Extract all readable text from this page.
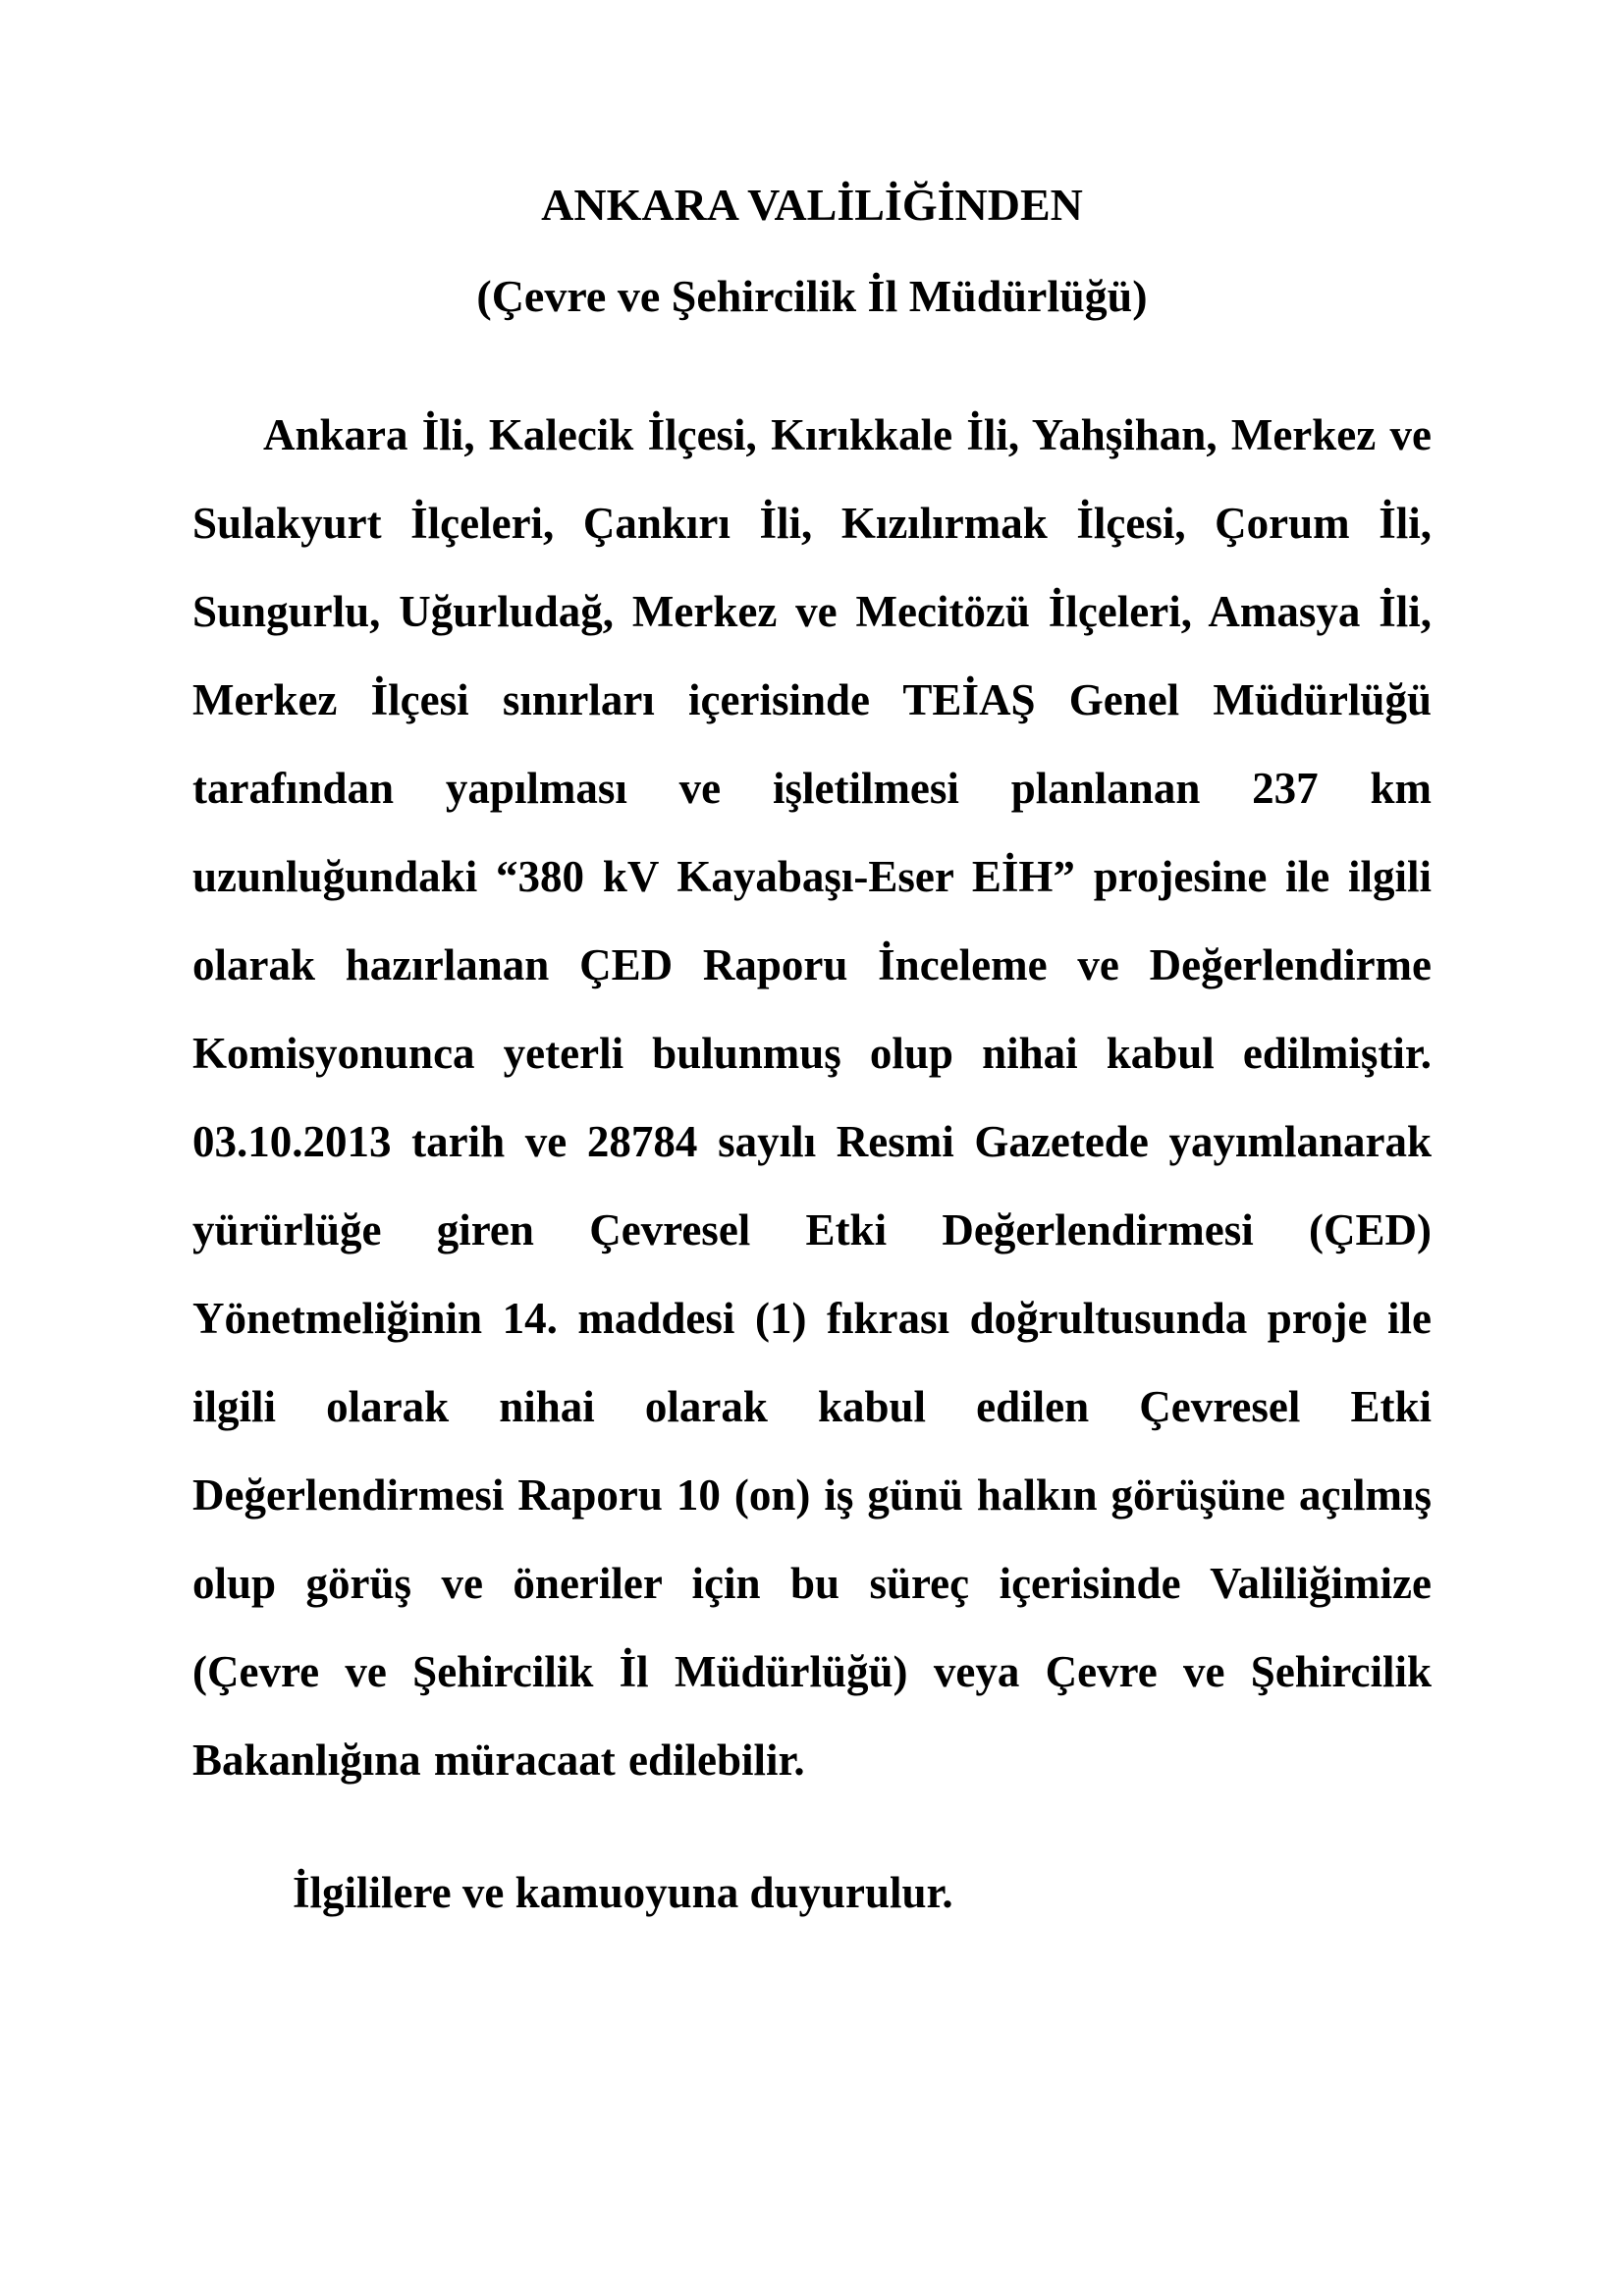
ANKARA VALİLİĞİNDEN
(Çevre ve Şehircilik İl Müdürlüğü)

Ankara İli, Kalecik İlçesi, Kırıkkale İli, Yahşihan, Merkez ve Sulakyurt İlçeleri, Çankırı İli, Kızılırmak İlçesi, Çorum İli, Sungurlu, Uğurludağ, Merkez ve Mecitözü İlçeleri, Amasya İli, Merkez İlçesi sınırları içerisinde TEİAŞ Genel Müdürlüğü tarafından yapılması ve işletilmesi planlanan 237 km uzunluğundaki “380 kV Kayabaşı-Eser EİH” projesine ile ilgili olarak hazırlanan ÇED Raporu İnceleme ve Değerlendirme Komisyonunca yeterli bulunmuş olup nihai kabul edilmiştir. 03.10.2013 tarih ve 28784 sayılı Resmi Gazetede yayımlanarak yürürlüğe giren Çevresel Etki Değerlendirmesi (ÇED) Yönetmeliğinin 14. maddesi (1) fıkrası doğrultusunda proje ile ilgili olarak nihai olarak kabul edilen Çevresel Etki Değerlendirmesi Raporu 10 (on) iş günü halkın görüşüne açılmış olup görüş ve öneriler için bu süreç içerisinde Valiliğimize (Çevre ve Şehircilik İl Müdürlüğü) veya Çevre ve Şehircilik Bakanlığına müracaat edilebilir.

İlgililere ve kamuoyuna duyurulur.
